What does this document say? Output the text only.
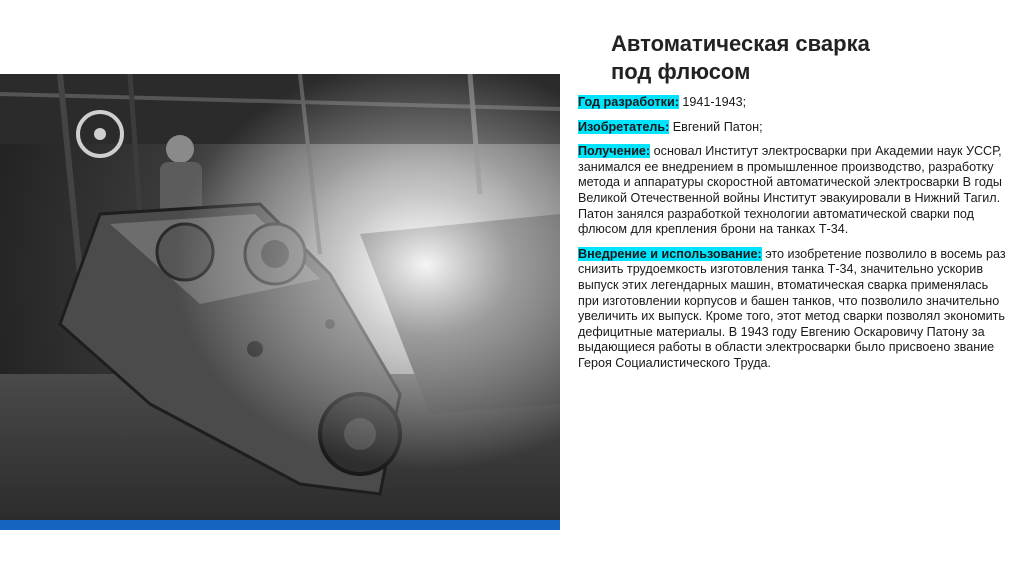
Автоматическая сварка
под флюсом

Год разработки: 1941-1943;

Изобретатель: Евгений Патон;

Получение: основал Институт электросварки при Академии наук УССР, занимался ее внедрением в промышленное производство, разработку метода и аппаратуры скоростной автоматической электросварки В годы Великой Отечественной войны Институт эвакуировали в Нижний Тагил. Патон занялся разработкой технологии автоматической сварки под флюсом для крепления брони на танках Т-34.

Внедрение и использование: это изобретение позволило в восемь раз снизить трудоемкость изготовления танка Т-34, значительно ускорив выпуск этих легендарных машин, втоматическая сварка применялась при изготовлении корпусов и башен танков, что позволило значительно увеличить их выпуск. Кроме того, этот метод сварки позволял экономить дефицитные материалы. В 1943 году Евгению Оскаровичу Патону за выдающиеся работы в области электросварки было присвоено звание Героя Социалистического Труда.
